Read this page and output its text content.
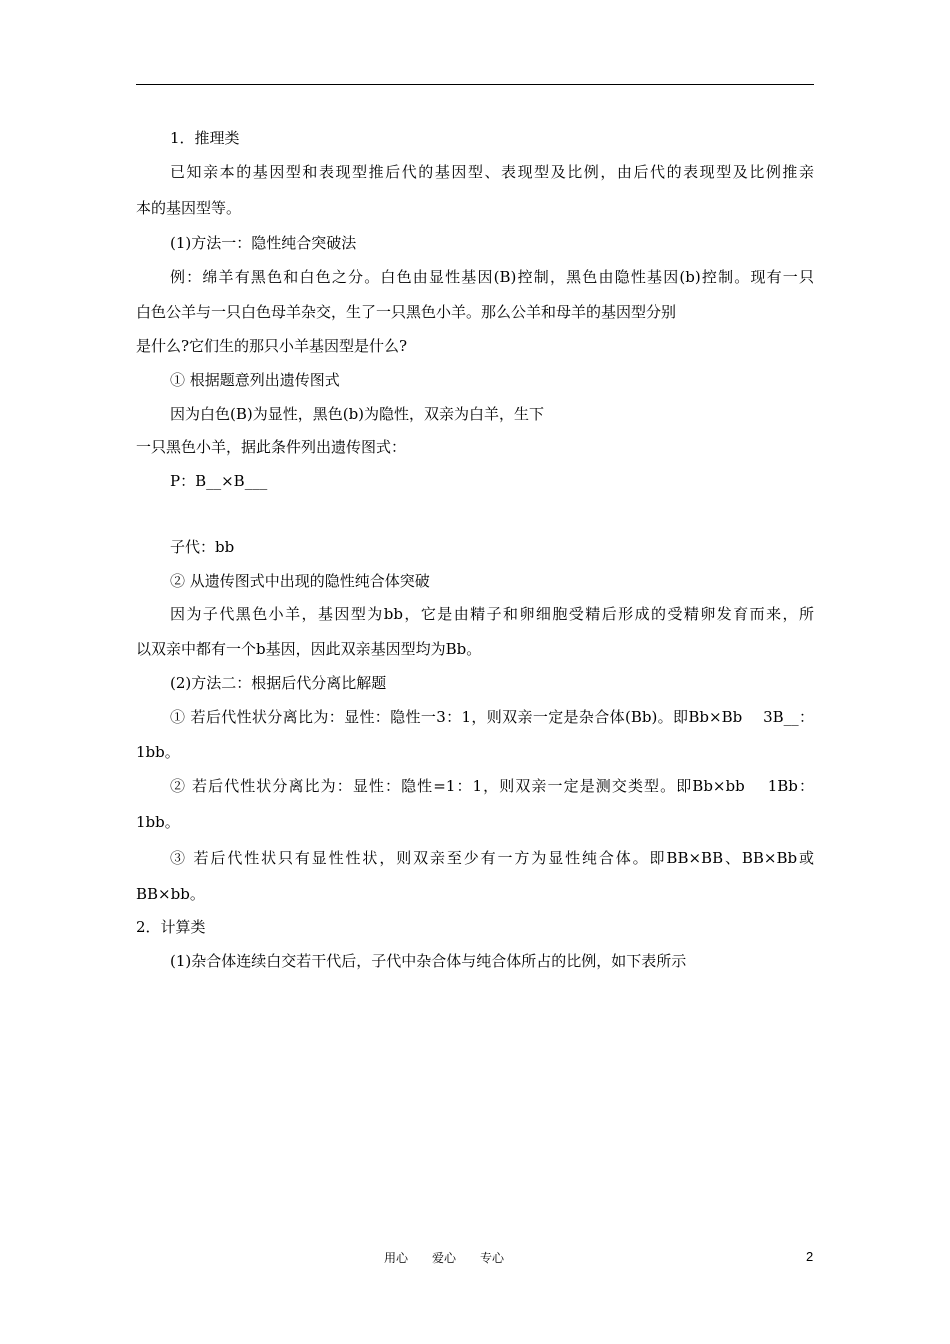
1．推理类
已知亲本的基因型和表现型推后代的基因型、表现型及比例，由后代的表现型及比例推亲
本的基因型等。
(1)方法一：隐性纯合突破法
例：绵羊有黑色和白色之分。白色由显性基因(B)控制，黑色由隐性基因(b)控制。现有一只
白色公羊与一只白色母羊杂交，生了一只黑色小羊。那么公羊和母羊的基因型分别
是什么?它们生的那只小羊基因型是什么?
① 根据题意列出遗传图式
因为白色(B)为显性，黑色(b)为隐性，双亲为白羊，生下
一只黑色小羊，据此条件列出遗传图式：
P：B__×B___
子代：bb
② 从遗传图式中出现的隐性纯合体突破
因为子代黑色小羊，基因型为bb，它是由精子和卵细胞受精后形成的受精卵发育而来，所
以双亲中都有一个b基因，因此双亲基因型均为Bb。
(2)方法二：根据后代分离比解题
① 若后代性状分离比为：显性：隐性一3：1，则双亲一定是杂合体(Bb)。即Bb×Bb　 3B__：
1bb。
② 若后代性状分离比为：显性：隐性=1：1，则双亲一定是测交类型。即Bb×bb　 1Bb：
1bb。
③ 若后代性状只有显性性状，则双亲至少有一方为显性纯合体。即BB×BB、BB×Bb或
BB×bb。
2．计算类
(1)杂合体连续白交若干代后，子代中杂合体与纯合体所占的比例，如下表所示
用心　　爱心　　专心	2
